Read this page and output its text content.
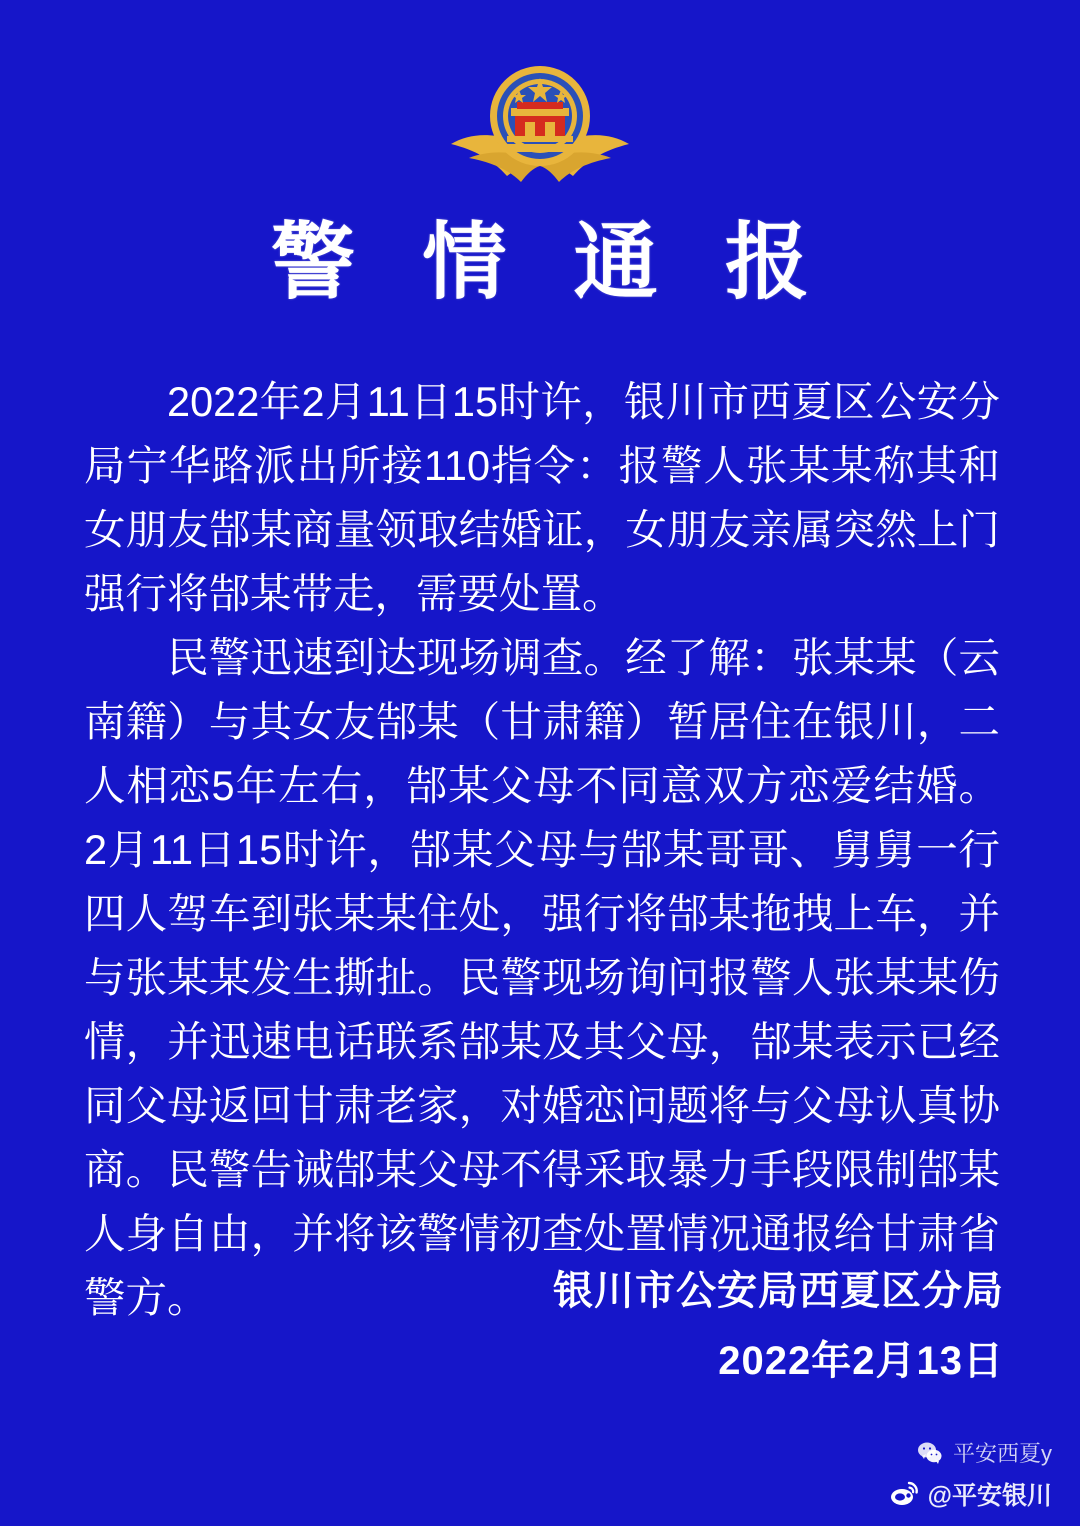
警 情 通 报

2022年2月11日15时许，银川市西夏区公安分局宁华路派出所接110指令：报警人张某某称其和女朋友郜某商量领取结婚证，女朋友亲属突然上门强行将郜某带走，需要处置。

民警迅速到达现场调查。经了解：张某某（云南籍）与其女友郜某（甘肃籍）暂居住在银川，二人相恋5年左右，郜某父母不同意双方恋爱结婚。2月11日15时许，郜某父母与郜某哥哥、舅舅一行四人驾车到张某某住处，强行将郜某拖拽上车，并与张某某发生撕扯。民警现场询问报警人张某某伤情，并迅速电话联系郜某及其父母，郜某表示已经同父母返回甘肃老家，对婚恋问题将与父母认真协商。民警告诫郜某父母不得采取暴力手段限制郜某人身自由，并将该警情初查处置情况通报给甘肃省警方。	银川市公安局西夏区分局
2022年2月13日
平安西夏y
@平安银川
